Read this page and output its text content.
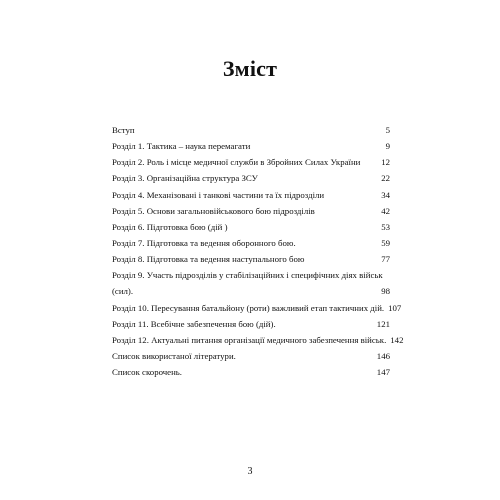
Зміст
Вступ	5
Розділ 1. Тактика – наука перемагати	9
Розділ 2. Роль і місце медичної служби в Збройних Силах України	12
Розділ 3. Організаційна структура ЗСУ	22
Розділ 4. Механізовані і танкові частини та їх підрозділи	34
Розділ 5. Основи загальновійськового бою підрозділів	42
Розділ 6. Підготовка бою (дій )	53
Розділ 7. Підготовка та ведення оборонного бою.	59
Розділ 8. Підготовка та ведення наступального бою	77
Розділ 9. Участь підрозділів у стабілізаційних і специфічних діях військ
(сил).	98
Розділ 10. Пересування батальйону (роти) важливий етап тактичних дій. 107
Розділ 11. Всебічне забезпечення бою (дій).	121
Розділ 12. Актуальні питання організації медичного забезпечення військ. 142
Список використаної літератури.	146
Список скорочень.	147
3
